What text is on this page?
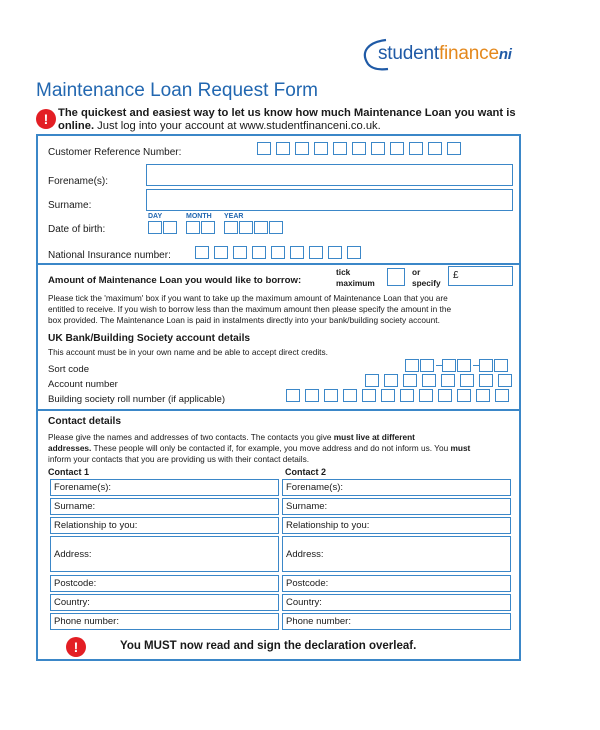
studentfinanceni
Maintenance Loan Request Form
! The quickest and easiest way to let us know how much Maintenance Loan you want is online. Just log into your account at www.studentfinanceni.co.uk.
Customer Reference Number:
Forename(s):
Surname:
DAY	MONTH YEAR
Date of birth:
National Insurance number:
Amount of Maintenance Loan you would like to borrow:
tick
maximum
or
specify
£
Please tick the 'maximum' box if you want to take up the maximum amount of Maintenance Loan that you are
entitled to receive. If you wish to borrow less than the maximum amount then please specify the amount in the
box provided. The Maintenance Loan is paid in instalments directly into your bank/building society account.
UK Bank/Building Society account details
This account must be in your own name and be able to accept direct credits.
Sort code
Account number
Building society roll number (if applicable)
Contact details
Please give the names and addresses of two contacts. The contacts you give must live at different
addresses. These people will only be contacted if, for example, you move address and do not inform us. You must
inform your contacts that you are providing us with their contact details.
Contact 1	Contact 2
Forename(s):	Forename(s):
Surname:	Surname:
Relationship to you:	Relationship to you:
Address:	Address:
Postcode:	Postcode:
Country:	Country:
Phone number:	Phone number:
!	You MUST now read and sign the declaration overleaf.
